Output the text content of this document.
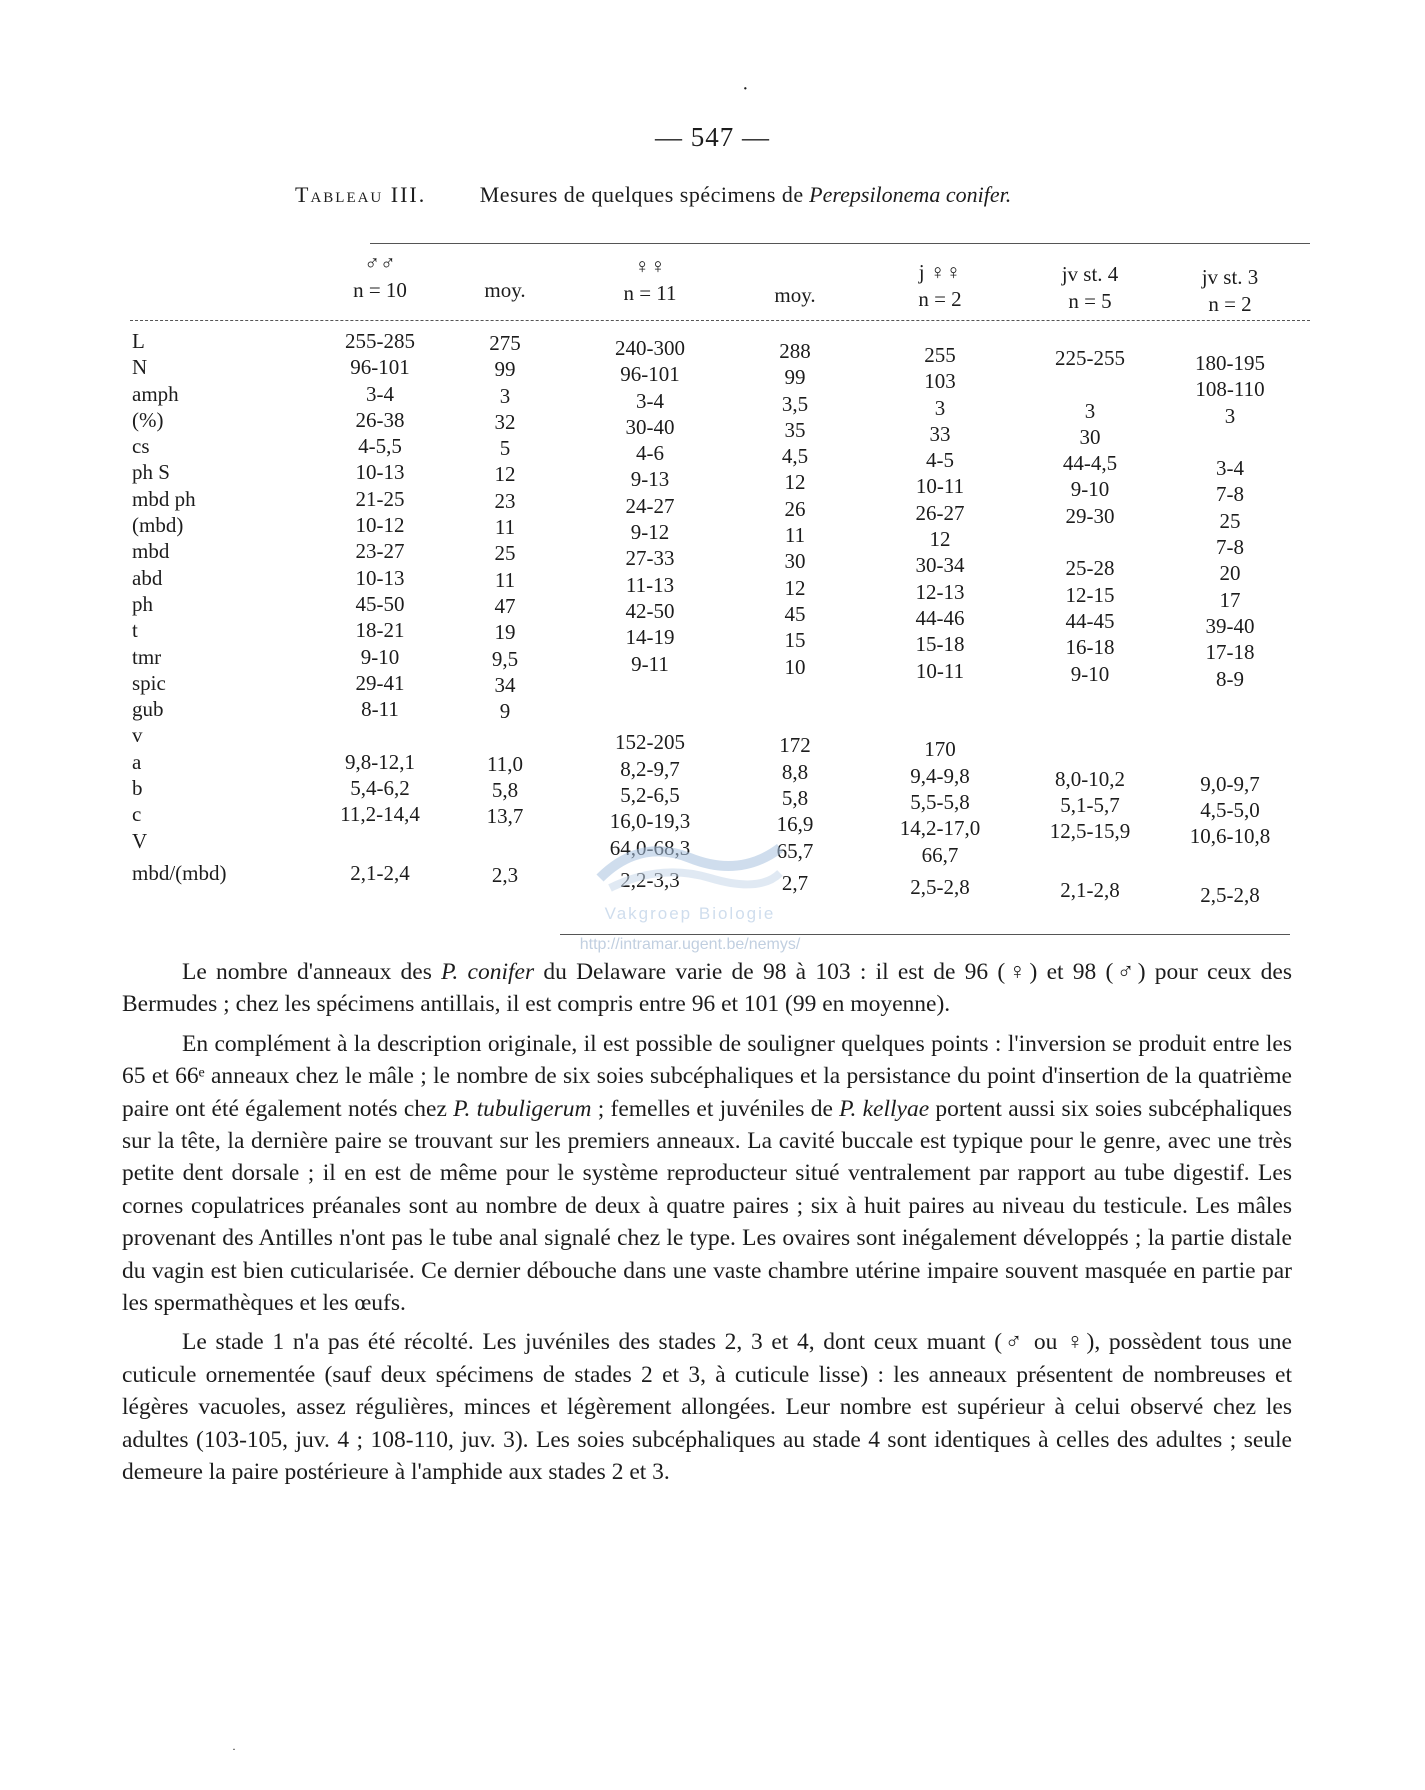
·
— 547 —
Tableau III. Mesures de quelques spécimens de Perepsilonema conifer.
♂♂
n = 10	moy.
♀♀
n = 11	moy.
j ♀♀
n = 2
jv st. 4
n = 5
jv st. 3
n = 2
L
N
amph
(%)
cs
ph S
mbd ph
(mbd)
mbd
abd
ph
t
tmr
spic
gub
v
a
b
c
V
mbd/(mbd)
255-285
96-101
3-4
26-38
4-5,5
10-13
21-25
10-12
23-27
10-13
45-50
18-21
9-10
29-41
8-11
9,8-12,1
5,4-6,2
11,2-14,4
2,1-2,4
275
99
3
32
5
12
23
11
25
11
47
19
9,5
34
9
11,0
5,8
13,7
2,3
240-300
96-101
3-4
30-40
4-6
9-13
24-27
9-12
27-33
11-13
42-50
14-19
9-11
152-205
8,2-9,7
5,2-6,5
16,0-19,3
64,0-68,3
2,2-3,3
288
99
3,5
35
4,5
12
26
11
30
12
45
15
10
172
8,8
5,8
16,9
65,7
2,7
255
103
3
33
4-5
10-11
26-27
12
30-34
12-13
44-46
15-18
10-11
170
9,4-9,8
5,5-5,8
14,2-17,0
66,7
2,5-2,8
225-255
3
30
44-4,5
9-10
29-30
25-28
12-15
44-45
16-18
9-10
8,0-10,2
5,1-5,7
12,5-15,9
2,1-2,8
180-195
108-110
3
3-4
7-8
25
7-8
20
17
39-40
17-18
8-9
9,0-9,7
4,5-5,0
10,6-10,8
2,5-2,8
Vakgroep Biologie
http://intramar.ugent.be/nemys/

Le nombre d'anneaux des P. conifer du Delaware varie de 98 à 103 : il est de 96 (♀) et 98 (♂) pour ceux des Bermudes ; chez les spécimens antillais, il est compris entre 96 et 101 (99 en moyenne).

En complément à la description originale, il est possible de souligner quelques points : l'inversion se produit entre les 65 et 66ᵉ anneaux chez le mâle ; le nombre de six soies subcéphaliques et la persistance du point d'insertion de la quatrième paire ont été également notés chez P. tubuligerum ; femelles et juvéniles de P. kellyae portent aussi six soies subcéphaliques sur la tête, la dernière paire se trouvant sur les premiers anneaux. La cavité buccale est typique pour le genre, avec une très petite dent dorsale ; il en est de même pour le système reproducteur situé ventralement par rapport au tube digestif. Les cornes copulatrices préanales sont au nombre de deux à quatre paires ; six à huit paires au niveau du testicule. Les mâles provenant des Antilles n'ont pas le tube anal signalé chez le type. Les ovaires sont inégalement développés ; la partie distale du vagin est bien cuticularisée. Ce dernier débouche dans une vaste chambre utérine impaire souvent masquée en partie par les spermathèques et les œufs.

Le stade 1 n'a pas été récolté. Les juvéniles des stades 2, 3 et 4, dont ceux muant (♂ ou ♀), possèdent tous une cuticule ornementée (sauf deux spécimens de stades 2 et 3, à cuticule lisse) : les anneaux présentent de nombreuses et légères vacuoles, assez régulières, minces et légèrement allongées. Leur nombre est supérieur à celui observé chez les adultes (103-105, juv. 4 ; 108-110, juv. 3). Les soies subcéphaliques au stade 4 sont identiques à celles des adultes ; seule demeure la paire postérieure à l'amphide aux stades 2 et 3.

·
